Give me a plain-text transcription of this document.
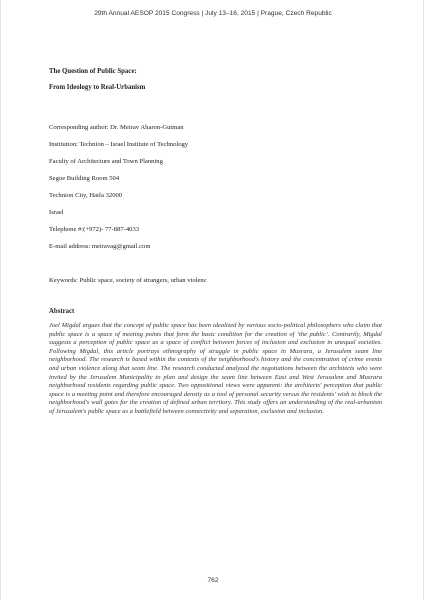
29th Annual AESOP 2015 Congress | July 13–16, 2015 | Prague, Czech Republic

The Question of Public Space:

From Ideology to Real-Urbanism

Corresponding author: Dr. Meirav Aharon-Gutman
Institution: Technion – Israel Institute of Technology
Faculty of Architecture and Town Planning
Segoe Building Room 504
Technion City, Haifa 32000
Israel
Telephone #:(+972)- 77-887-4033
E-mail address: meiravag@gmail.com
Keywords: Public space, society of strangers, urban violenc
Abstract

Joel Migdal argues that the concept of public space has been idealized by various socio-political philosophers who claim that public space is a space of meeting points that form the basic condition for the creation of ‘the public’. Contrarily, Migdal suggests a perception of public space as a space of conflict between forces of inclusion and exclusion in unequal societies. Following Migdal, this article portrays ethnography of struggle in public space in Musrara, a Jerusalem seam line neighborhood. The research is based within the contexts of the neighborhood's history and the concentration of crime events and urban violence along that seam line. The research conducted analyzed the negotiations between the architects who were invited by the Jerusalem Municipality to plan and design the seam line between East and West Jerusalem and Musrara neighborhood residents regarding public space. Two oppositional views were apparent: the architects' perception that public space is a meeting point and therefore encouraged density as a tool of personal security versus the residents' wish to block the neighborhood's wall gates for the creation of defined urban territory. This study offers an understanding of the real-urbanism of Jerusalem's public space as a battlefield between connectivity and separation, exclusion and inclusion.

762
